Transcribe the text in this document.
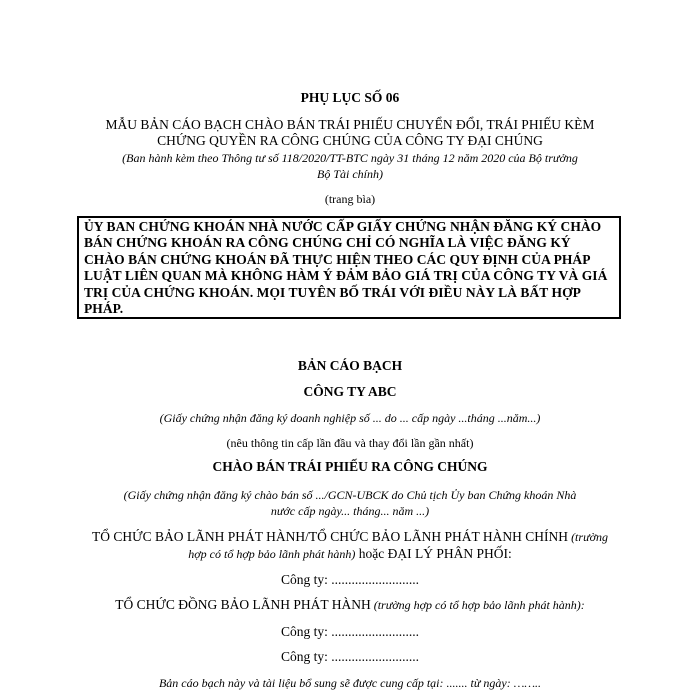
PHỤ LỤC SỐ 06
MẪU BẢN CÁO BẠCH CHÀO BÁN TRÁI PHIẾU CHUYỂN ĐỔI, TRÁI PHIẾU KÈM
CHỨNG QUYỀN RA CÔNG CHÚNG CỦA CÔNG TY ĐẠI CHÚNG
(Ban hành kèm theo Thông tư số 118/2020/TT-BTC ngày 31 tháng 12 năm 2020 của Bộ trưởng
Bộ Tài chính)
(trang bìa)
ỦY BAN CHỨNG KHOÁN NHÀ NƯỚC CẤP GIẤY CHỨNG NHẬN ĐĂNG KÝ CHÀO
BÁN CHỨNG KHOÁN RA CÔNG CHÚNG CHỈ CÓ NGHĨA LÀ VIỆC ĐĂNG KÝ
CHÀO BÁN CHỨNG KHOÁN ĐÃ THỰC HIỆN THEO CÁC QUY ĐỊNH CỦA PHÁP
LUẬT LIÊN QUAN MÀ KHÔNG HÀM Ý ĐẢM BẢO GIÁ TRỊ CỦA CÔNG TY VÀ GIÁ
TRỊ CỦA CHỨNG KHOÁN. MỌI TUYÊN BỐ TRÁI VỚI ĐIỀU NÀY LÀ BẤT HỢP
PHÁP.
BẢN CÁO BẠCH
CÔNG TY ABC
(Giấy chứng nhận đăng ký doanh nghiệp số ... do ... cấp ngày ...tháng ...năm...)
(nêu thông tin cấp lần đầu và thay đổi lần gần nhất)
CHÀO BÁN TRÁI PHIẾU RA CÔNG CHÚNG
(Giấy chứng nhận đăng ký chào bán số .../GCN-UBCK do Chủ tịch Ủy ban Chứng khoán Nhà
nước cấp ngày... tháng... năm ...)
TỔ CHỨC BẢO LÃNH PHÁT HÀNH/TỔ CHỨC BẢO LÃNH PHÁT HÀNH CHÍNH (trường
hợp có tổ hợp bảo lãnh phát hành) hoặc ĐẠI LÝ PHÂN PHỐI:
Công ty: ..........................
TỔ CHỨC ĐỒNG BẢO LÃNH PHÁT HÀNH (trường hợp có tổ hợp bảo lãnh phát hành):
Công ty: ..........................
Công ty: ..........................
Bản cáo bạch này và tài liệu bổ sung sẽ được cung cấp tại: ....... từ ngày: ……..
